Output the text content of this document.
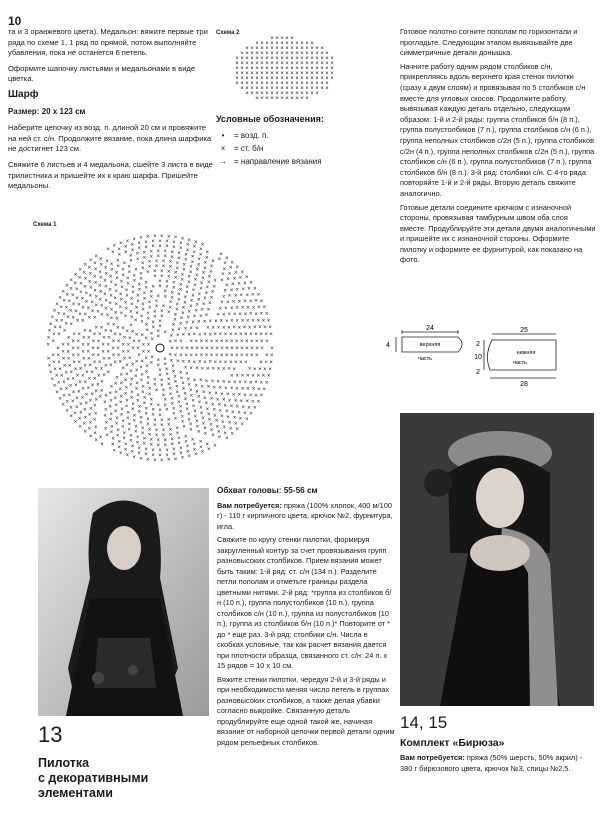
10

та и 3 оранжевого цвета). Медальон: вяжите первые три ряда по схеме 1, 1 ряд по прямой, потом выполняйте убавления, пока не останется 6 петель.

Оформите шапочку листьями и медальонами в виде цветка.

Шарф
Размер: 20 х 123 см

Наберите цепочку из возд. п. длиной 20 см и провяжите на ней ст. с/н. Продолжите вязание, пока длина шарфика не достигнет 123 см.

Свяжите 6 листьев и 4 медальона, сшейте 3 листа в виде трилистника и пришейте их к краю шарфа. Пришейте медальоны.

Схема 1
×
×
×
×
×
×
×
× ×
×
×
×
×
×
×
×
×
×
×
×
× × ×
×
×
×
×
×
×
×
×
×
×
×
×
×
×
×
× ×
×
×
×
×
×
×
×
×
×
×
×
×
×
×
×
× × ×
×
×
×
×
×
×
×
×
×
×
×
×
×
×
×
×
×
×
×
×
×
×
× × ×
×
×
×
×
×
×
×
×
×
×
×
×
×
×
×
×
×
×
×
×
×
×
×
×
×
×
×
× × × × × ×
×
×
×
×
×
×
×
×
×
×
×
×
×
×
×
×
×
×
×
×
×
×
×
×
×
×
×
×
×
× × × × × ×
×
×
×
×
×
×
×
×
×
×
×
×
×
×
×
×
×
×
×
×
×
×
×
×
×
×
×
×
×
×
×
× × × × ×
×
×
×
×
×
×
×
×
×
×
×
×
×
×
×
×
×
×
×
×
×
×
×
×
×
×
×
×
×
×
×
×
×
×
×
× × × × × × × ×
×
×
×
×
×
×
×
×
×
×
×
×
×
×
×
×
×
×
×
×
×
×
×
×
×
×
×
×
×
×
×
×
×
×
×
×
×
×
×
×
× × × × × × ×
×
×
×
×
×
×
×
×
×
×
×
×
×
×
×
×
×
×
×
×
×
×
×
×
×
×
×
×
×
×
×
×
×
×
×
×
×
×
×
×
×
×
×
× × × × × × × × ×
×
×
×
×
×
×
×
×
×
×
×
×
×
×
×
×
×
×
×
×
×
×
×
×
×
×
×
×
×
×
×
×
×
×
×
×
×
×
×
×
×
×
×
×
×
× × × × × × × ×
×
×
×
×
×
×
×
×
×
×
×
×
×
×
×
×
×
×
×
×
×
×
×
×
×
×
×
×
×
×
×
×
×
×
×
×
×
×
×
×
×
×
×
×
×
×
×
×
×
×
×
× × × × × × × × ×
×
×
×
×
×
×
×
×
×
×
×
×
×
×
×
×
×
×
×
×
×
×
×
×
×
×
×
×
×
×
×
×
×
×
×
×
×
×
×
×
×
×
×
×
×
×
×
×
×
×
×
×
×
×
×
× × × × × × × × × × ×
×
×
×
×
×
×
×
×
×
×
×
×
×
×
×
×
×
×
×
×
×
×
×
×
×
×
×
×
×
×
×
×
×
×
×
×
×
×
×
×
×
×
×
×
×
×
×
×
×
×
×
×
×
×
×
×
×
× × × × × × × × × × × ×
×
×
×
×
×
×
×
×
×
×
×
×
×
×
×
×
×
×
×
×
×
×
×
×
×
×
×
×
×
×
×
×
×
×
×
×
×
×
×
×
×
×
×
×
×
×
×
×
×
×
×
×
×
×
×
×
×
×
×
×
× ×
× × × × × × × × ×
×
×
×
×
×
×
×
×
×
×
×
×
×
×
×
×
×
×
×
×
×
×
×
×
×
×
×
×
×
×
×
×
×
×
×
×
×
×
×
×
×
×
×
×
×
×
×
×
×
×
×
×
×
×
×
×
×
×
×
×
×
×
×
×
× × × × × × × × × × × × ×
×
×
×
×
×
×
×
×
×
×
×
×
×
×
×
×
×
×
×
×
×
×
×
×
×
×
×
×
×
×
×
×
×
×
×
×
×
×
×
×
×
×
×
×
×
×
×
×
×
×
×
×
×
×
×
×
×
×
×
×
×
×
×
×
×
×
×
×
×
× × × × × × × × × × ×
×
×
×
×
×
×
×
×
×
×
×
×
×
×
×
×
×
×
×
×
×
×
×
×
×
×
×
×
×
×
×
×
×
×
×
×
×
×
×
×
×
×
×
×
×
×
×
×
×
×
×
×
×
×
×
×
×
×
×
×
×
×
×
×
×
×
×
×
×
×
×
×
× × × × × × × × × × × × × ×
×
×
×
×
×
×
×
×
×
×
×
×
×
×
×
×
×
×
×
×
×
×
×
×
×
×
×
×
×
×
×
×
×
×
×
×
×
×
×
×
×
×
×
×
×
×
×
×
×
×
×
×
×
×
×
×
×
×
×
×
×
×
×
×
×
×
×
×
×
×
×
×
×
×
× × × × × × × × × × × × × × ×
×
×
×
×
×
×
×
×
×
×
×
×
×
×
×
×
×
×
×
×
×
×
×
×
×
×
×
×
×
×
×
×
×
×
×
×
×
×
×
×
×
×
×
×
×
×
×
×
×
×
×
×
×
×
×
×
×
×
×
×
×
×
×
×
×
×
×
×
×
×
×
×
×
×
×
×
×
×
×
×
× × × × × × × × × × × × × ×
×
×
×
×
×
×
×
×
×
×
×
×
×
×
×
Схема 2
× × × × ×
× × × × × × × × × × × ×
× × × × × × × × × × × × × × × ×
× × × × × × × × × × × × × × × × × ×
× × × × × × × × × × × × × × × × × × × ×
× × × × × × × × × × × × × × × × × × × ×
× × × × × × × × × × × × × × × × × × × ×
× × × × × × × × × × × × × × × × × × × ×
× × × × × × × × × × × × × × × × × × × ×
× × × × × × × × × × × × × × × × × × ×
× × × × × × × × × × × × × × × × × ×
× × × × × × × × × × × × × × ×
× × × × × × × × × × ×
Условные обозначения:
•	= возд. п.
×	= ст. б/н
→ = направление вязания

Готовое полотно согните пополам по горизонтали и прогладьте. Следующим этапом вывязывайте две симметричные детали донышка.

Начните работу одним рядом столбиков с/н, прикрепляясь вдоль верхнего края стенок пилотки (сразу к двум слоям) и провязывая по 5 столбиков с/н вместе для угловых скосов. Продолжите работу, вывязывая каждую деталь отдельно, следующим образом: 1-й и 2-й ряды: группа столбиков б/н (8 п.), группа полустолбиков (7 п.), группа столбиков с/н (6 п.), группа неполных столбиков с/2н (5 п.), группа столбиков с/2н (4 п.), группа неполных столбиков с/2н (5 п.), группа столбиков с/н (6 п.), группа полустолбиков (7 п.), группа столбиков б/н (8 п.). 3-й ряд: столбики с/н. С 4-го ряда повторяйте 1-й и 2-й ряды. Вторую деталь свяжите аналогично.

Готовые детали соедините крючком с изнаночной стороны, провязывая тамбурным швом оба слоя вместе. Продублируйте эти детали двумя аналогичными и пришейте их с изнаночной стороны. Оформите пилотку и оформите ее фурнитурой, как показано на фото.

24
4	верхняя
часть
25
28
2
10
2
нижняя
часть
Обхват головы: 55-56 см

Вам потребуется: пряжа (100% хлопок, 400 м/100 г) - 110 г кирпичного цвета, крючок №2, фурнитура, игла.

Свяжите по кругу стенки пилотки, формируя закругленный контур за счет провязывания групп разновысоких столбиков. Прием вязания может быть таким: 1-й ряд: ст. с/н (134 п.). Разделите петли пополам и отметьте границы раздела цветными нитями. 2-й ряд: *группа из столбиков б/н (10 п.), группа полустолбиков (10 п.), группа столбиков с/н (10 п.), группа из полустолбиков (10 п.), группа из столбиков б/н (10 п.)* Повторите от * до * еще раз. 3-й ряд: столбики с/н. Числа в скобках условные, так как расчет вязания дается при плотности образца, связанного ст. с/н: 24 п. х 15 рядов = 10 х 10 см.

Вяжите стенки пилотки, чередуя 2-й и 3-й ряды и при необходимости меняя число петель в группах разновысоких столбиков, а также делая убавки согласно выкройке. Связанную деталь продублируйте еще одной такой же, начиная вязание от наборной цепочки первой детали одним рядом рельефных столбиков.

13
Пилотка
с декоративными
элементами
14, 15
Комплект «Бирюза»
Вам потребуется: пряжа (50% шерсть, 50% акрил) - 380 г бирюзового цвета, крючок №3, спицы №2,5.
